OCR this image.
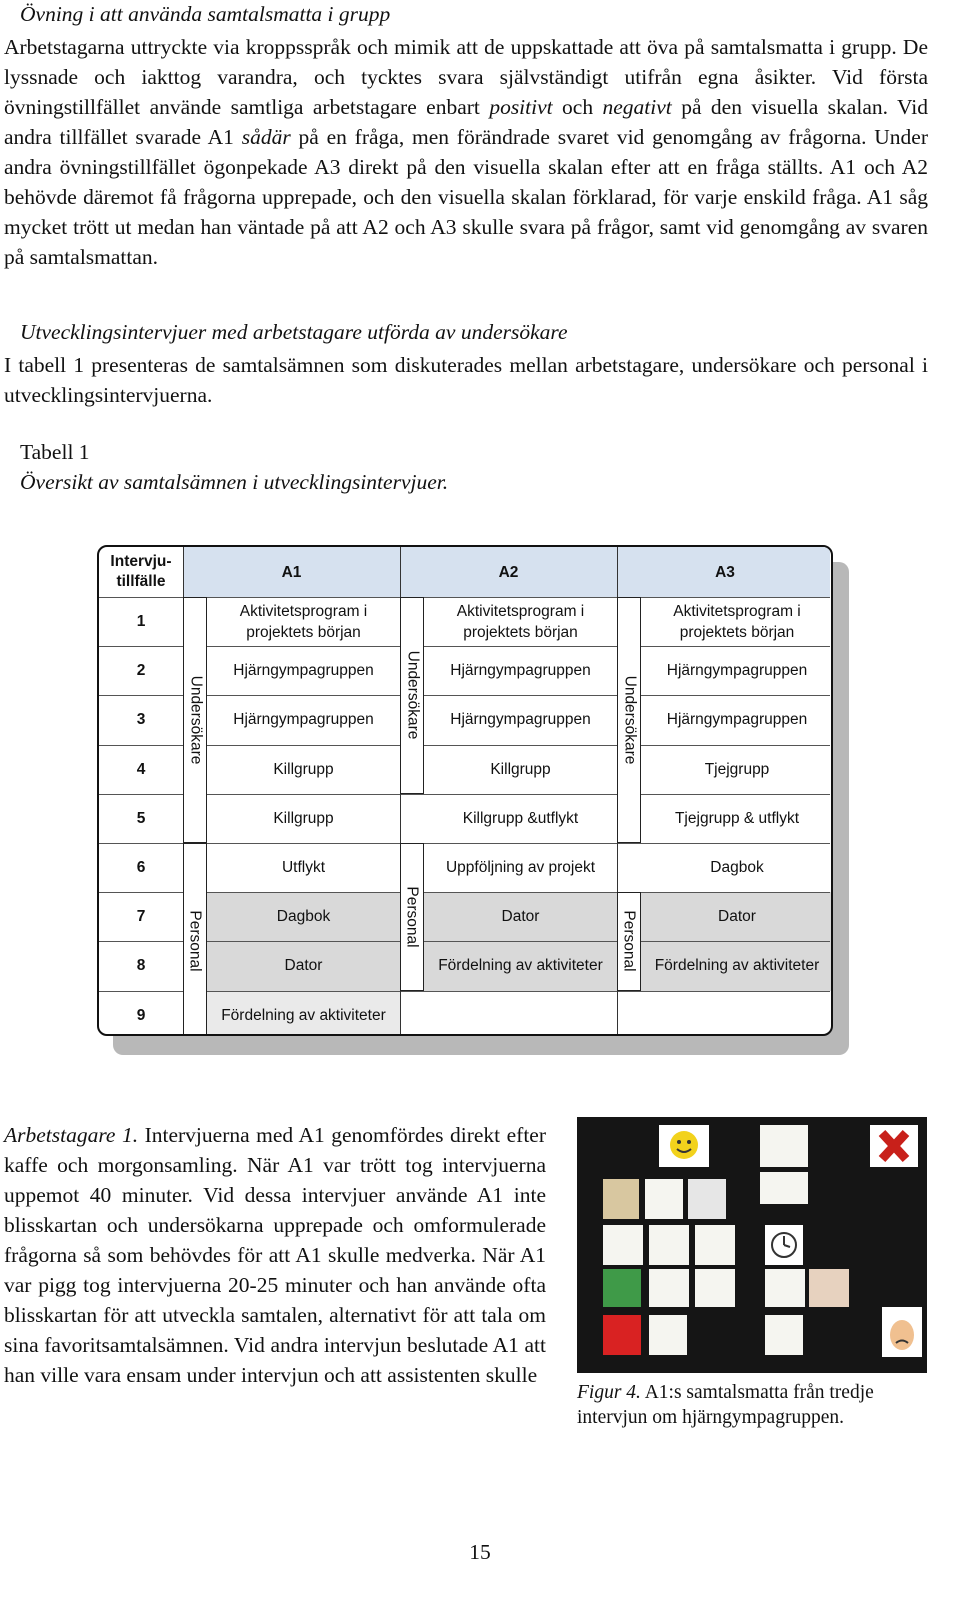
Övning i att använda samtalsmatta i grupp

Arbetstagarna uttryckte via kroppsspråk och mimik att de uppskattade att öva på samtalsmatta i grupp. De lyssnade och iakttog varandra, och tycktes svara självständigt utifrån egna åsikter. Vid första övningstillfället använde samtliga arbetstagare enbart positivt och negativt på den visuella skalan. Vid andra tillfället svarade A1 sådär på en fråga, men förändrade svaret vid genomgång av frågorna. Under andra övningstillfället ögonpekade A3 direkt på den visuella skalan efter att en fråga ställts. A1 och A2 behövde däremot få frågorna upprepade, och den visuella skalan förklarad, för varje enskild fråga. A1 såg mycket trött ut medan han väntade på att A2 och A3 skulle svara på frågor, samt vid genomgång av svaren på samtalsmattan.

Utvecklingsintervjuer med arbetstagare utförda av undersökare

I tabell 1 presenteras de samtalsämnen som diskuterades mellan arbetstagare, undersökare och personal i utvecklingsintervjuerna.

Tabell 1

Översikt av samtalsämnen i utvecklingsintervjuer.

Intervju-tillfälle
A1	A2	A3
1
2
3
4
5
6
7
8
9
Undersökare
Personal
Undersökare
Personal
Undersökare
Personal
Aktivitetsprogram i projektets början
Hjärngympagruppen
Hjärngympagruppen
Killgrupp
Killgrupp
Utflykt
Dagbok
Dator
Fördelning av aktiviteter
Aktivitetsprogram i projektets början
Hjärngympagruppen
Hjärngympagruppen
Killgrupp
Killgrupp &utflykt
Uppföljning av projekt
Dator
Fördelning av aktiviteter
Aktivitetsprogram i projektets början
Hjärngympagruppen
Hjärngympagruppen
Tjejgrupp
Tjejgrupp & utflykt
Dagbok
Dator
Fördelning av aktiviteter

Arbetstagare 1. Intervjuerna med A1 genomfördes direkt efter kaffe och morgonsamling. När A1 var trött tog intervjuerna uppemot 40 minuter. Vid dessa intervjuer använde A1 inte blisskartan och undersökarna upprepade och omformulerade frågorna så som behövdes för att A1 skulle medverka. När A1 var pigg tog intervjuerna 20-25 minuter och han använde ofta blisskartan för att utveckla samtalen, alternativt för att tala om sina favoritsamtalsämnen. Vid andra intervjun beslutade A1 att han ville vara ensam under intervjun och att assistenten skulle

Figur 4. A1:s samtalsmatta från tredje intervjun om hjärngympagruppen.

15
